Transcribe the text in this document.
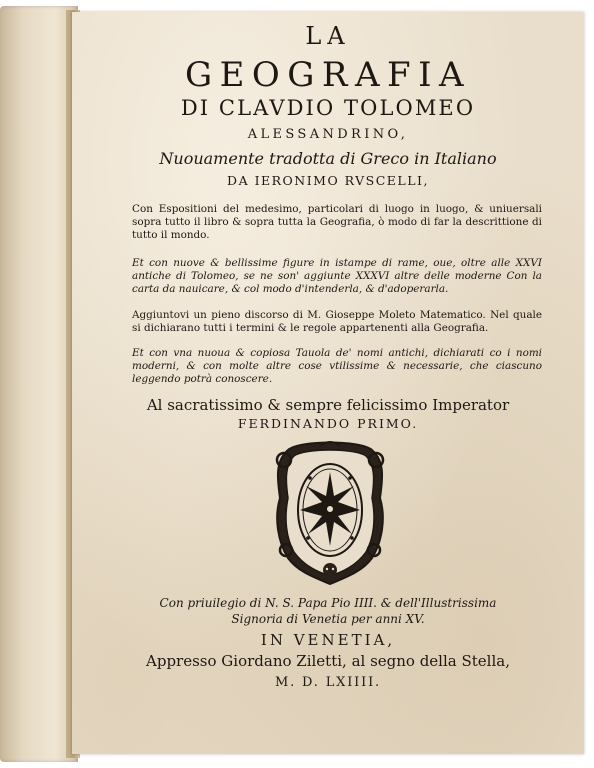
LA
GEOGRAFIA
DI CLAVDIO TOLOMEO
ALESSANDRINO,
Nuouamente tradotta di Greco in Italiano
DA IERONIMO RVSCELLI,
Con Espositioni del medesimo, particolari di luogo in luogo, & uniuersali sopra tutto il libro & sopra tutta la Geografia, ò modo di far la descrittione di tutto il mondo.
Et con nuove & bellissime figure in istampe di rame, oue, oltre alle XXVI antiche di Tolomeo, se ne son' aggiunte XXXVI altre delle moderne Con la carta da nauicare, & col modo d'intenderla, & d'adoperarla.
Aggiuntovi un pieno discorso di M. Gioseppe Moleto Matematico. Nel quale si dichiarano tutti i termini & le regole appartenenti alla Geografia.
Et con vna nuoua & copiosa Tauola de' nomi antichi, dichiarati co i nomi moderni, & con molte altre cose vtilissime & necessarie, che ciascuno leggendo potrà conoscere.
Al sacratissimo & sempre felicissimo Imperator
FERDINANDO PRIMO.
Con priuilegio di N. S. Papa Pio IIII. & dell'Illustrissima
Signoria di Venetia per anni XV.
IN VENETIA,
Appresso Giordano Ziletti, al segno della Stella,
M. D. LXIIII.
